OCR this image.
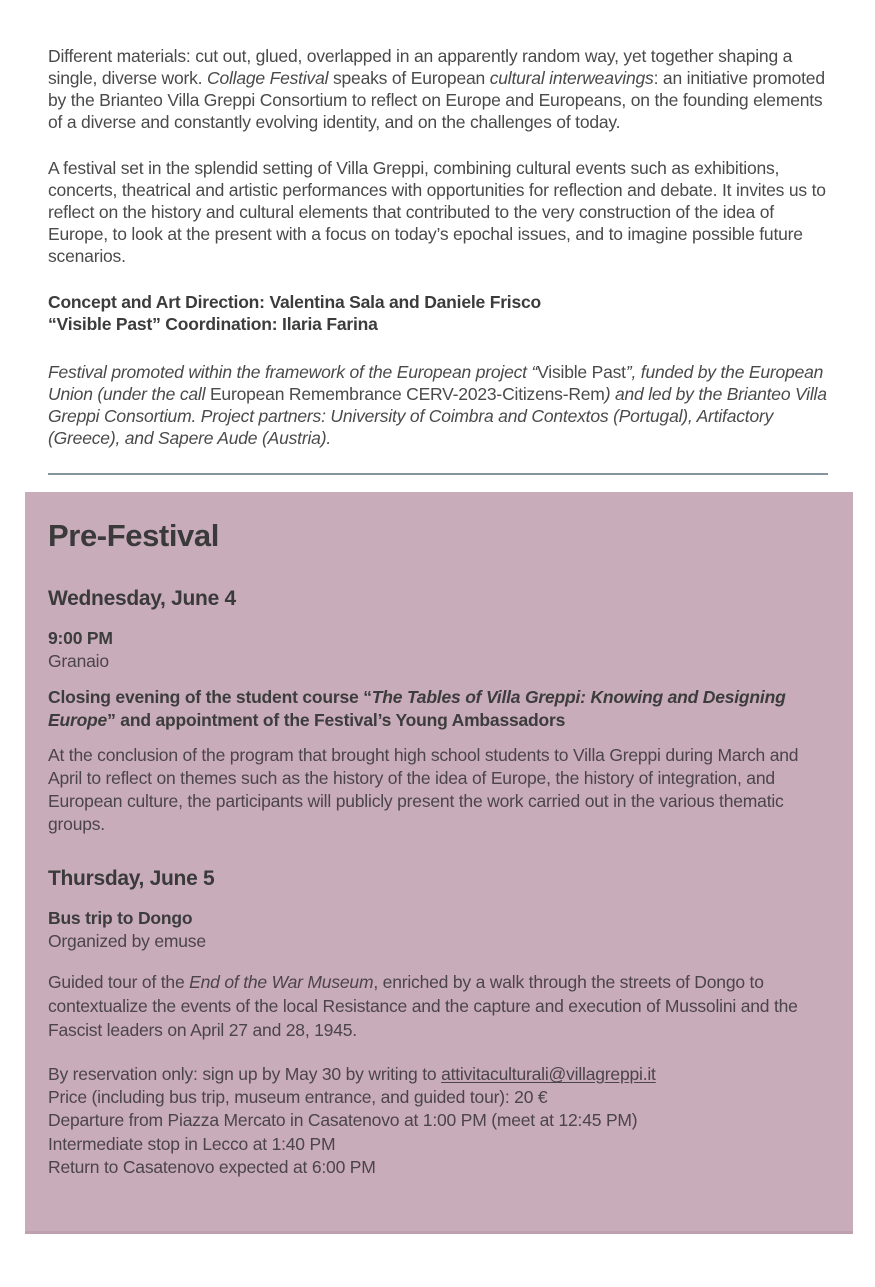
Different materials: cut out, glued, overlapped in an apparently random way, yet together shaping a single, diverse work. Collage Festival speaks of European cultural interweavings: an initiative promoted by the Brianteo Villa Greppi Consortium to reflect on Europe and Europeans, on the founding elements of a diverse and constantly evolving identity, and on the challenges of today.

A festival set in the splendid setting of Villa Greppi, combining cultural events such as exhibitions, concerts, theatrical and artistic performances with opportunities for reflection and debate. It invites us to reflect on the history and cultural elements that contributed to the very construction of the idea of Europe, to look at the present with a focus on today’s epochal issues, and to imagine possible future scenarios.

Concept and Art Direction: Valentina Sala and Daniele Frisco
“Visible Past” Coordination: Ilaria Farina

Festival promoted within the framework of the European project “Visible Past”, funded by the European Union (under the call European Remembrance CERV-2023-Citizens-Rem) and led by the Brianteo Villa Greppi Consortium. Project partners: University of Coimbra and Contextos (Portugal), Artifactory (Greece), and Sapere Aude (Austria).

Pre-Festival
Wednesday, June 4
9:00 PM
Granaio

Closing evening of the student course “The Tables of Villa Greppi: Knowing and Designing Europe” and appointment of the Festival’s Young Ambassadors

At the conclusion of the program that brought high school students to Villa Greppi during March and April to reflect on themes such as the history of the idea of Europe, the history of integration, and European culture, the participants will publicly present the work carried out in the various thematic groups.

Thursday, June 5
Bus trip to Dongo
Organized by emuse

Guided tour of the End of the War Museum, enriched by a walk through the streets of Dongo to contextualize the events of the local Resistance and the capture and execution of Mussolini and the Fascist leaders on April 27 and 28, 1945.

By reservation only: sign up by May 30 by writing to attivitaculturali@villagreppi.it
Price (including bus trip, museum entrance, and guided tour): 20 €
Departure from Piazza Mercato in Casatenovo at 1:00 PM (meet at 12:45 PM)
Intermediate stop in Lecco at 1:40 PM
Return to Casatenovo expected at 6:00 PM
